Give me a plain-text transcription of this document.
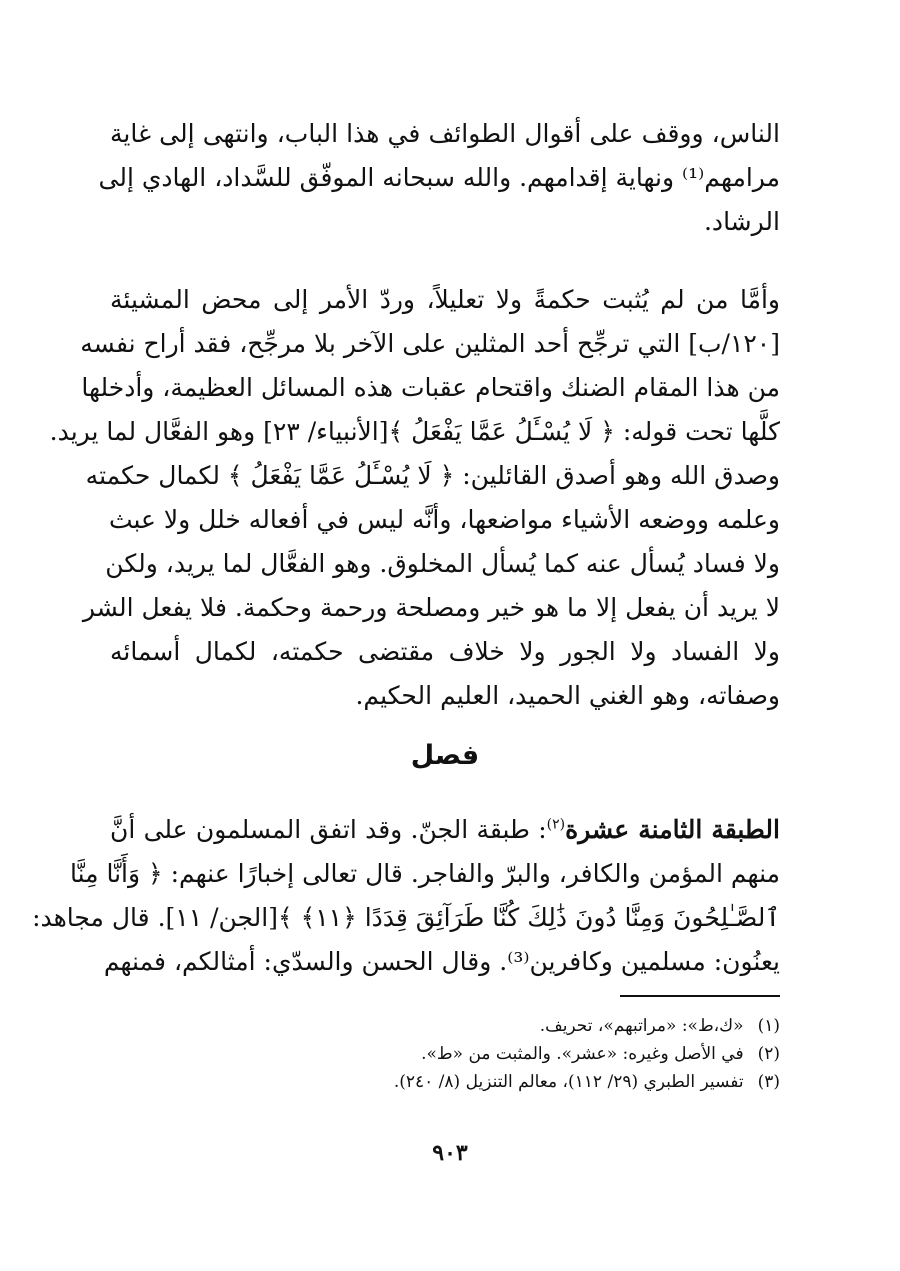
الناس، ووقف على أقوال الطوائف في هذا الباب، وانتهى إلى غاية
مرامهم⁽¹⁾ ونهاية إقدامهم. والله سبحانه الموفّق للسَّداد، الهادي إلى
الرشاد.
وأمَّا من لم يُثبت حكمةً ولا تعليلاً، وردّ الأمر إلى محض المشيئة
[١٢٠/ب] التي ترجِّح أحد المثلين على الآخر بلا مرجِّح، فقد أراح نفسه
من هذا المقام الضنك واقتحام عقبات هذه المسائل العظيمة، وأدخلها
كلَّها تحت قوله: ﴿ لَا يُسْـَٔلُ عَمَّا يَفْعَلُ ﴾[الأنبياء/ ٢٣] وهو الفعَّال لما يريد.
وصدق الله وهو أصدق القائلين: ﴿ لَا يُسْـَٔلُ عَمَّا يَفْعَلُ ﴾ لكمال حكمته
وعلمه ووضعه الأشياء مواضعها، وأنَّه ليس في أفعاله خلل ولا عبث
ولا فساد يُسأل عنه كما يُسأل المخلوق. وهو الفعَّال لما يريد، ولكن
لا يريد أن يفعل إلا ما هو خير ومصلحة ورحمة وحكمة. فلا يفعل الشر
ولا الفساد ولا الجور ولا خلاف مقتضى حكمته، لكمال أسمائه
وصفاته، وهو الغني الحميد، العليم الحكيم.
فصل
الطبقة الثامنة عشرة$^{(٢)}$: طبقة الجنّ. وقد اتفق المسلمون على أنَّ
منهم المؤمن والكافر، والبرّ والفاجر. قال تعالى إخبارًا عنهم: ﴿ وَأَنَّا مِنَّا
ٱلصَّـٰلِحُونَ وَمِنَّا دُونَ ذَٰلِكَ كُنَّا طَرَآئِقَ قِدَدًا ﴿١١﴾ ﴾[الجن/ ١١]. قال مجاهد:
يعنُون: مسلمين وكافرين⁽³⁾. وقال الحسن والسدّي: أمثالكم، فمنهم
(١)
«ك،ط»: «مراتبهم»، تحريف.
(٢)
في الأصل وغيره: «عشر». والمثبت من «ط».
(٣)
تفسير الطبري (٢٩/ ١١٢)، معالم التنزيل (٨/ ٢٤٠).
٩٠٣
